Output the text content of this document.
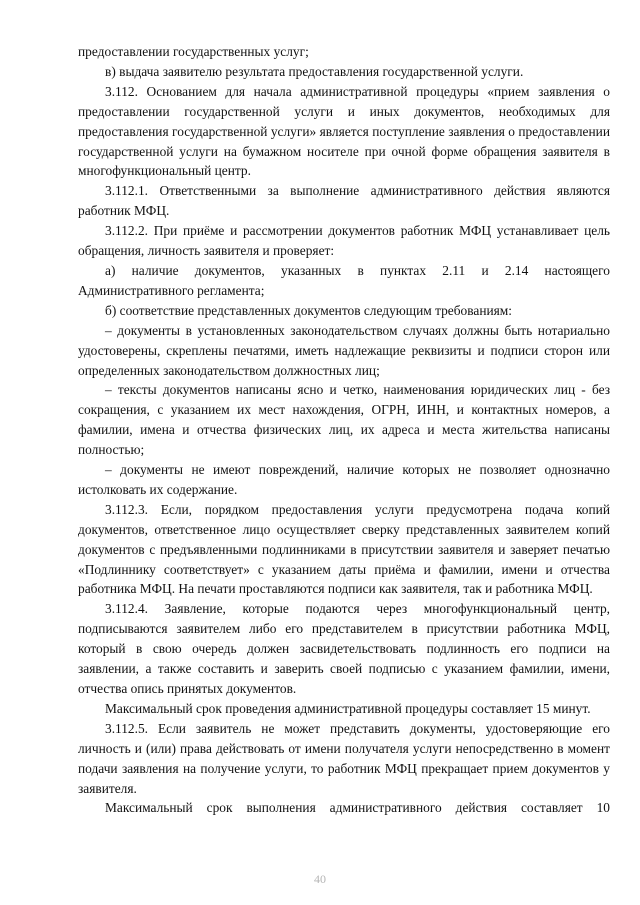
предоставлении государственных услуг;

в) выдача заявителю результата предоставления государственной услуги.

3.112. Основанием для начала административной процедуры «прием заявления о предоставлении государственной услуги и иных документов, необходимых для предоставления государственной услуги» является поступление заявления о предоставлении государственной услуги на бумажном носителе при очной форме обращения заявителя в многофункциональный центр.

3.112.1. Ответственными за выполнение административного действия являются работник МФЦ.

3.112.2. При приёме и рассмотрении документов работник МФЦ устанавливает цель обращения, личность заявителя и проверяет:

а) наличие документов, указанных в пунктах 2.11 и 2.14 настоящего Административного регламента;

б) соответствие представленных документов следующим требованиям:

– документы в установленных законодательством случаях должны быть нотариально удостоверены, скреплены печатями, иметь надлежащие реквизиты и подписи сторон или определенных законодательством должностных лиц;

– тексты документов написаны ясно и четко, наименования юридических лиц - без сокращения, с указанием их мест нахождения, ОГРН, ИНН, и контактных номеров, а фамилии, имена и отчества физических лиц, их адреса и места жительства написаны полностью;

– документы не имеют повреждений, наличие которых не позволяет однозначно истолковать их содержание.

3.112.3. Если, порядком предоставления услуги предусмотрена подача копий документов, ответственное лицо осуществляет сверку представленных заявителем копий документов с предъявленными подлинниками в присутствии заявителя и заверяет печатью «Подлиннику соответствует» с указанием даты приёма и фамилии, имени и отчества работника МФЦ. На печати проставляются подписи как заявителя, так и работника МФЦ.

3.112.4. Заявление, которые подаются через многофункциональный центр, подписываются заявителем либо его представителем в присутствии работника МФЦ, который в свою очередь должен засвидетельствовать подлинность его подписи на заявлении, а также составить и заверить своей подписью с указанием фамилии, имени, отчества опись принятых документов.

Максимальный срок проведения административной процедуры составляет 15 минут.

3.112.5. Если заявитель не может представить документы, удостоверяющие его личность и (или) права действовать от имени получателя услуги непосредственно в момент подачи заявления на получение услуги, то работник МФЦ прекращает прием документов у заявителя.

Максимальный срок выполнения административного действия составляет 10

40
